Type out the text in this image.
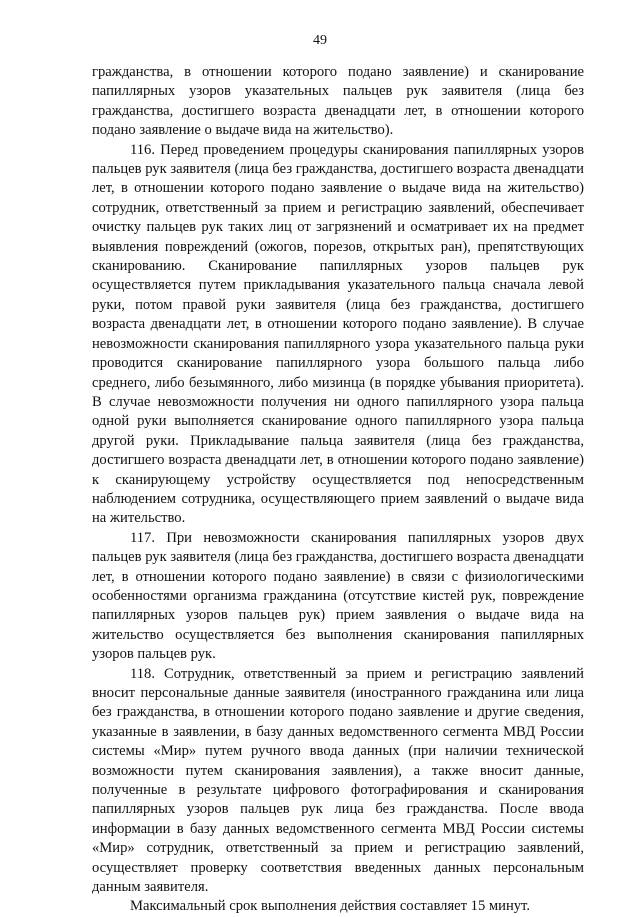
49

гражданства, в отношении которого подано заявление) и сканирование папиллярных узоров указательных пальцев рук заявителя (лица без гражданства, достигшего возраста двенадцати лет, в отношении которого подано заявление о выдаче вида на жительство).

116. Перед проведением процедуры сканирования папиллярных узоров пальцев рук заявителя (лица без гражданства, достигшего возраста двенадцати лет, в отношении которого подано заявление о выдаче вида на жительство) сотрудник, ответственный за прием и регистрацию заявлений, обеспечивает очистку пальцев рук таких лиц от загрязнений и осматривает их на предмет выявления повреждений (ожогов, порезов, открытых ран), препятствующих сканированию. Сканирование папиллярных узоров пальцев рук осуществляется путем прикладывания указательного пальца сначала левой руки, потом правой руки заявителя (лица без гражданства, достигшего возраста двенадцати лет, в отношении которого подано заявление). В случае невозможности сканирования папиллярного узора указательного пальца руки проводится сканирование папиллярного узора большого пальца либо среднего, либо безымянного, либо мизинца (в порядке убывания приоритета). В случае невозможности получения ни одного папиллярного узора пальца одной руки выполняется сканирование одного папиллярного узора пальца другой руки. Прикладывание пальца заявителя (лица без гражданства, достигшего возраста двенадцати лет, в отношении которого подано заявление) к сканирующему устройству осуществляется под непосредственным наблюдением сотрудника, осуществляющего прием заявлений о выдаче вида на жительство.

117. При невозможности сканирования папиллярных узоров двух пальцев рук заявителя (лица без гражданства, достигшего возраста двенадцати лет, в отношении которого подано заявление) в связи с физиологическими особенностями организма гражданина (отсутствие кистей рук, повреждение папиллярных узоров пальцев рук) прием заявления о выдаче вида на жительство осуществляется без выполнения сканирования папиллярных узоров пальцев рук.

118. Сотрудник, ответственный за прием и регистрацию заявлений вносит персональные данные заявителя (иностранного гражданина или лица без гражданства, в отношении которого подано заявление и другие сведения, указанные в заявлении, в базу данных ведомственного сегмента МВД России системы «Мир» путем ручного ввода данных (при наличии технической возможности путем сканирования заявления), а также вносит данные, полученные в результате цифрового фотографирования и сканирования папиллярных узоров пальцев рук лица без гражданства. После ввода информации в базу данных ведомственного сегмента МВД России системы «Мир» сотрудник, ответственный за прием и регистрацию заявлений, осуществляет проверку соответствия введенных данных персональным данным заявителя.

Максимальный срок выполнения действия составляет 15 минут.
